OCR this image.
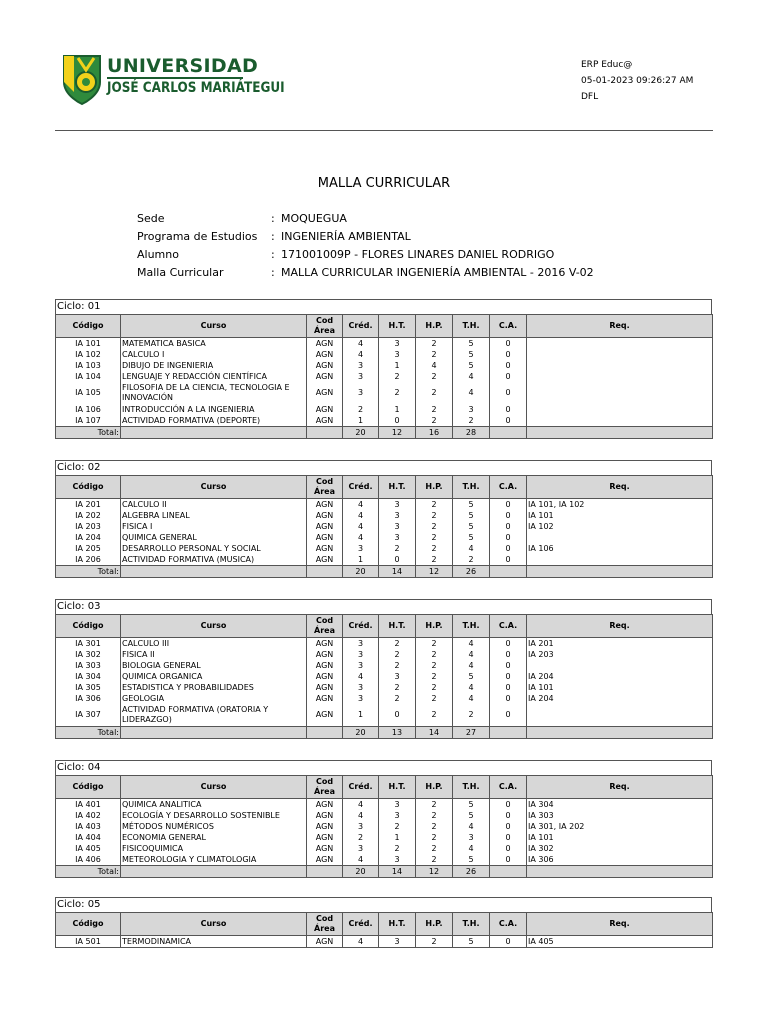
UNIVERSIDAD
JOSÉ CARLOS MARIÁTEGUI
ERP Educ@
05-01-2023 09:26:27 AM
DFL
MALLA CURRICULAR
Sede	: MOQUEGUA
Programa de Estudios	: INGENIERÍA AMBIENTAL
Alumno	: 171001009P - FLORES LINARES DANIEL RODRIGO
Malla Curricular	: MALLA CURRICULAR INGENIERÍA AMBIENTAL - 2016 V-02
Ciclo: 01
Código	Curso	Cod Área	Créd.	H.T.	H.P.	T.H.	C.A.	Req.
IA 101	MATEMATICA BASICA	AGN	4	3	2	5	0	
IA 102	CALCULO I	AGN	4	3	2	5	0	
IA 103	DIBUJO DE INGENIERIA	AGN	3	1	4	5	0	
IA 104	LENGUAJE Y REDACCIÓN CIENTÍFICA	AGN	3	2	2	4	0	
IA 105	FILOSOFIA DE LA CIENCIA, TECNOLOGIA E INNOVACIÓN	AGN	3	2	2	4	0	
IA 106	INTRODUCCIÓN A LA INGENIERIA	AGN	2	1	2	3	0	
IA 107	ACTIVIDAD FORMATIVA (DEPORTE)	AGN	1	0	2	2	0	
Total:			20	12	16	28		
Ciclo: 02
Código	Curso	Cod Área	Créd.	H.T.	H.P.	T.H.	C.A.	Req.
IA 201	CALCULO II	AGN	4	3	2	5	0	IA 101, IA 102
IA 202	ALGEBRA LINEAL	AGN	4	3	2	5	0	IA 101
IA 203	FISICA I	AGN	4	3	2	5	0	IA 102
IA 204	QUIMICA GENERAL	AGN	4	3	2	5	0	
IA 205	DESARROLLO PERSONAL Y SOCIAL	AGN	3	2	2	4	0	IA 106
IA 206	ACTIVIDAD FORMATIVA (MUSICA)	AGN	1	0	2	2	0	
Total:			20	14	12	26		
Ciclo: 03
Código	Curso	Cod Área	Créd.	H.T.	H.P.	T.H.	C.A.	Req.
IA 301	CALCULO III	AGN	3	2	2	4	0	IA 201
IA 302	FISICA II	AGN	3	2	2	4	0	IA 203
IA 303	BIOLOGIA GENERAL	AGN	3	2	2	4	0	
IA 304	QUIMICA ORGANICA	AGN	4	3	2	5	0	IA 204
IA 305	ESTADISTICA Y PROBABILIDADES	AGN	3	2	2	4	0	IA 101
IA 306	GEOLOGIA	AGN	3	2	2	4	0	IA 204
IA 307	ACTIVIDAD FORMATIVA (ORATORIA Y LIDERAZGO)	AGN	1	0	2	2	0	
Total:			20	13	14	27		
Ciclo: 04
Código	Curso	Cod Área	Créd.	H.T.	H.P.	T.H.	C.A.	Req.
IA 401	QUIMICA ANALITICA	AGN	4	3	2	5	0	IA 304
IA 402	ECOLOGÍA Y DESARROLLO SOSTENIBLE	AGN	4	3	2	5	0	IA 303
IA 403	MÉTODOS NUMÉRICOS	AGN	3	2	2	4	0	IA 301, IA 202
IA 404	ECONOMIA GENERAL	AGN	2	1	2	3	0	IA 101
IA 405	FISICOQUIMICA	AGN	3	2	2	4	0	IA 302
IA 406	METEOROLOGIA Y CLIMATOLOGIA	AGN	4	3	2	5	0	IA 306
Total:			20	14	12	26		
Ciclo: 05
Código	Curso	Cod Área	Créd.	H.T.	H.P.	T.H.	C.A.	Req.
IA 501	TERMODINAMICA	AGN	4	3	2	5	0	IA 405
